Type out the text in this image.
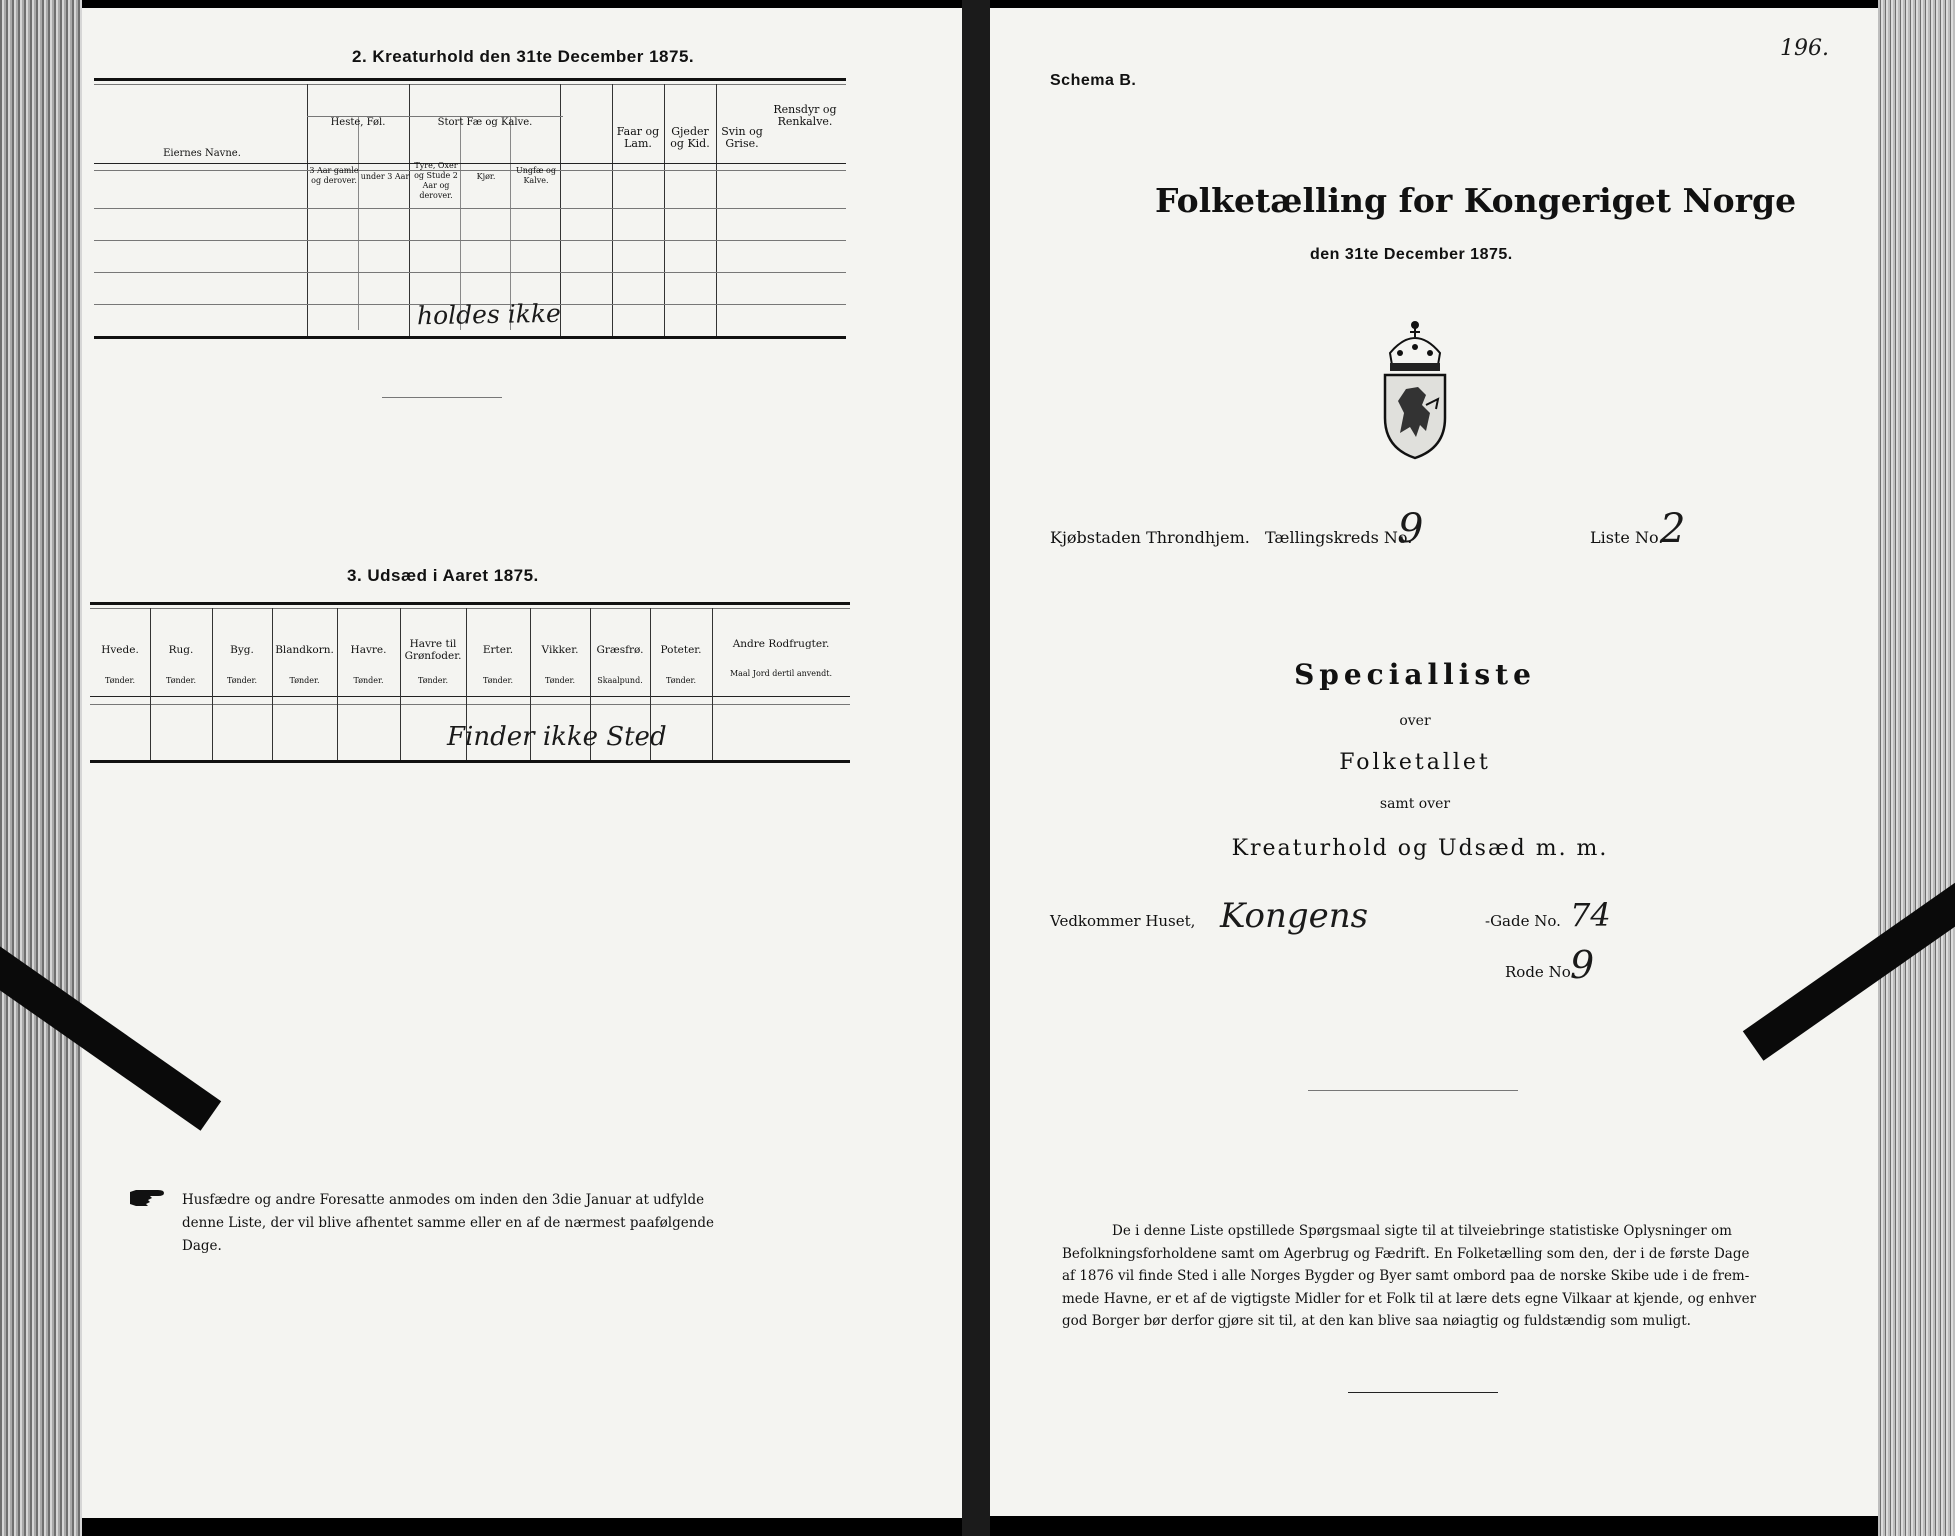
2. Kreaturhold den 31te December 1875.
Eiernes Navne.
Heste, Føl.
3 Aar gamle og derover. under 3 Aar
Stort Fæ og Kalve.
Tyre, Oxer og Stude 2 Aar og derover.
Kjør.
Ungfæ og Kalve.
Faar og Lam.
Gjeder og Kid.
Svin og Grise.
Rensdyr og Renkalve.
holdes ikke
3. Udsæd i Aaret 1875.
Hvede.
Tønder.
Rug.
Tønder.
Byg.
Tønder.
Blandkorn.
Tønder.
Havre.
Tønder.
Havre til Grønfoder.
Tønder.
Erter.
Tønder.
Vikker.
Tønder.
Græsfrø.
Skaalpund.
Poteter.
Tønder.
Andre Rodfrugter.
Maal Jord dertil anvendt.
Finder ikke Sted
Husfædre og andre Foresatte anmodes om inden den 3die Januar at udfylde denne Liste, der vil blive afhentet samme eller en af de nærmest paafølgende Dage.
Schema B.
196.
Folketælling for Kongeriget Norge
den 31te December 1875.
Kjøbstaden Throndhjem. Tællingskreds No.
9	Liste No.
2
Specialliste
over
Folketallet
samt over
Kreaturhold og Udsæd m. m.
Vedkommer Huset, Kongens	-Gade No. 74
Rode No.
9
De i denne Liste opstillede Spørgsmaal sigte til at tilveiebringe statistiske Oplysninger om
Befolkningsforholdene samt om Agerbrug og Fædrift. En Folketælling som den, der i de første Dage
af 1876 vil finde Sted i alle Norges Bygder og Byer samt ombord paa de norske Skibe ude i de frem-
mede Havne, er et af de vigtigste Midler for et Folk til at lære dets egne Vilkaar at kjende, og enhver
god Borger bør derfor gjøre sit til, at den kan blive saa nøiagtig og fuldstændig som muligt.
